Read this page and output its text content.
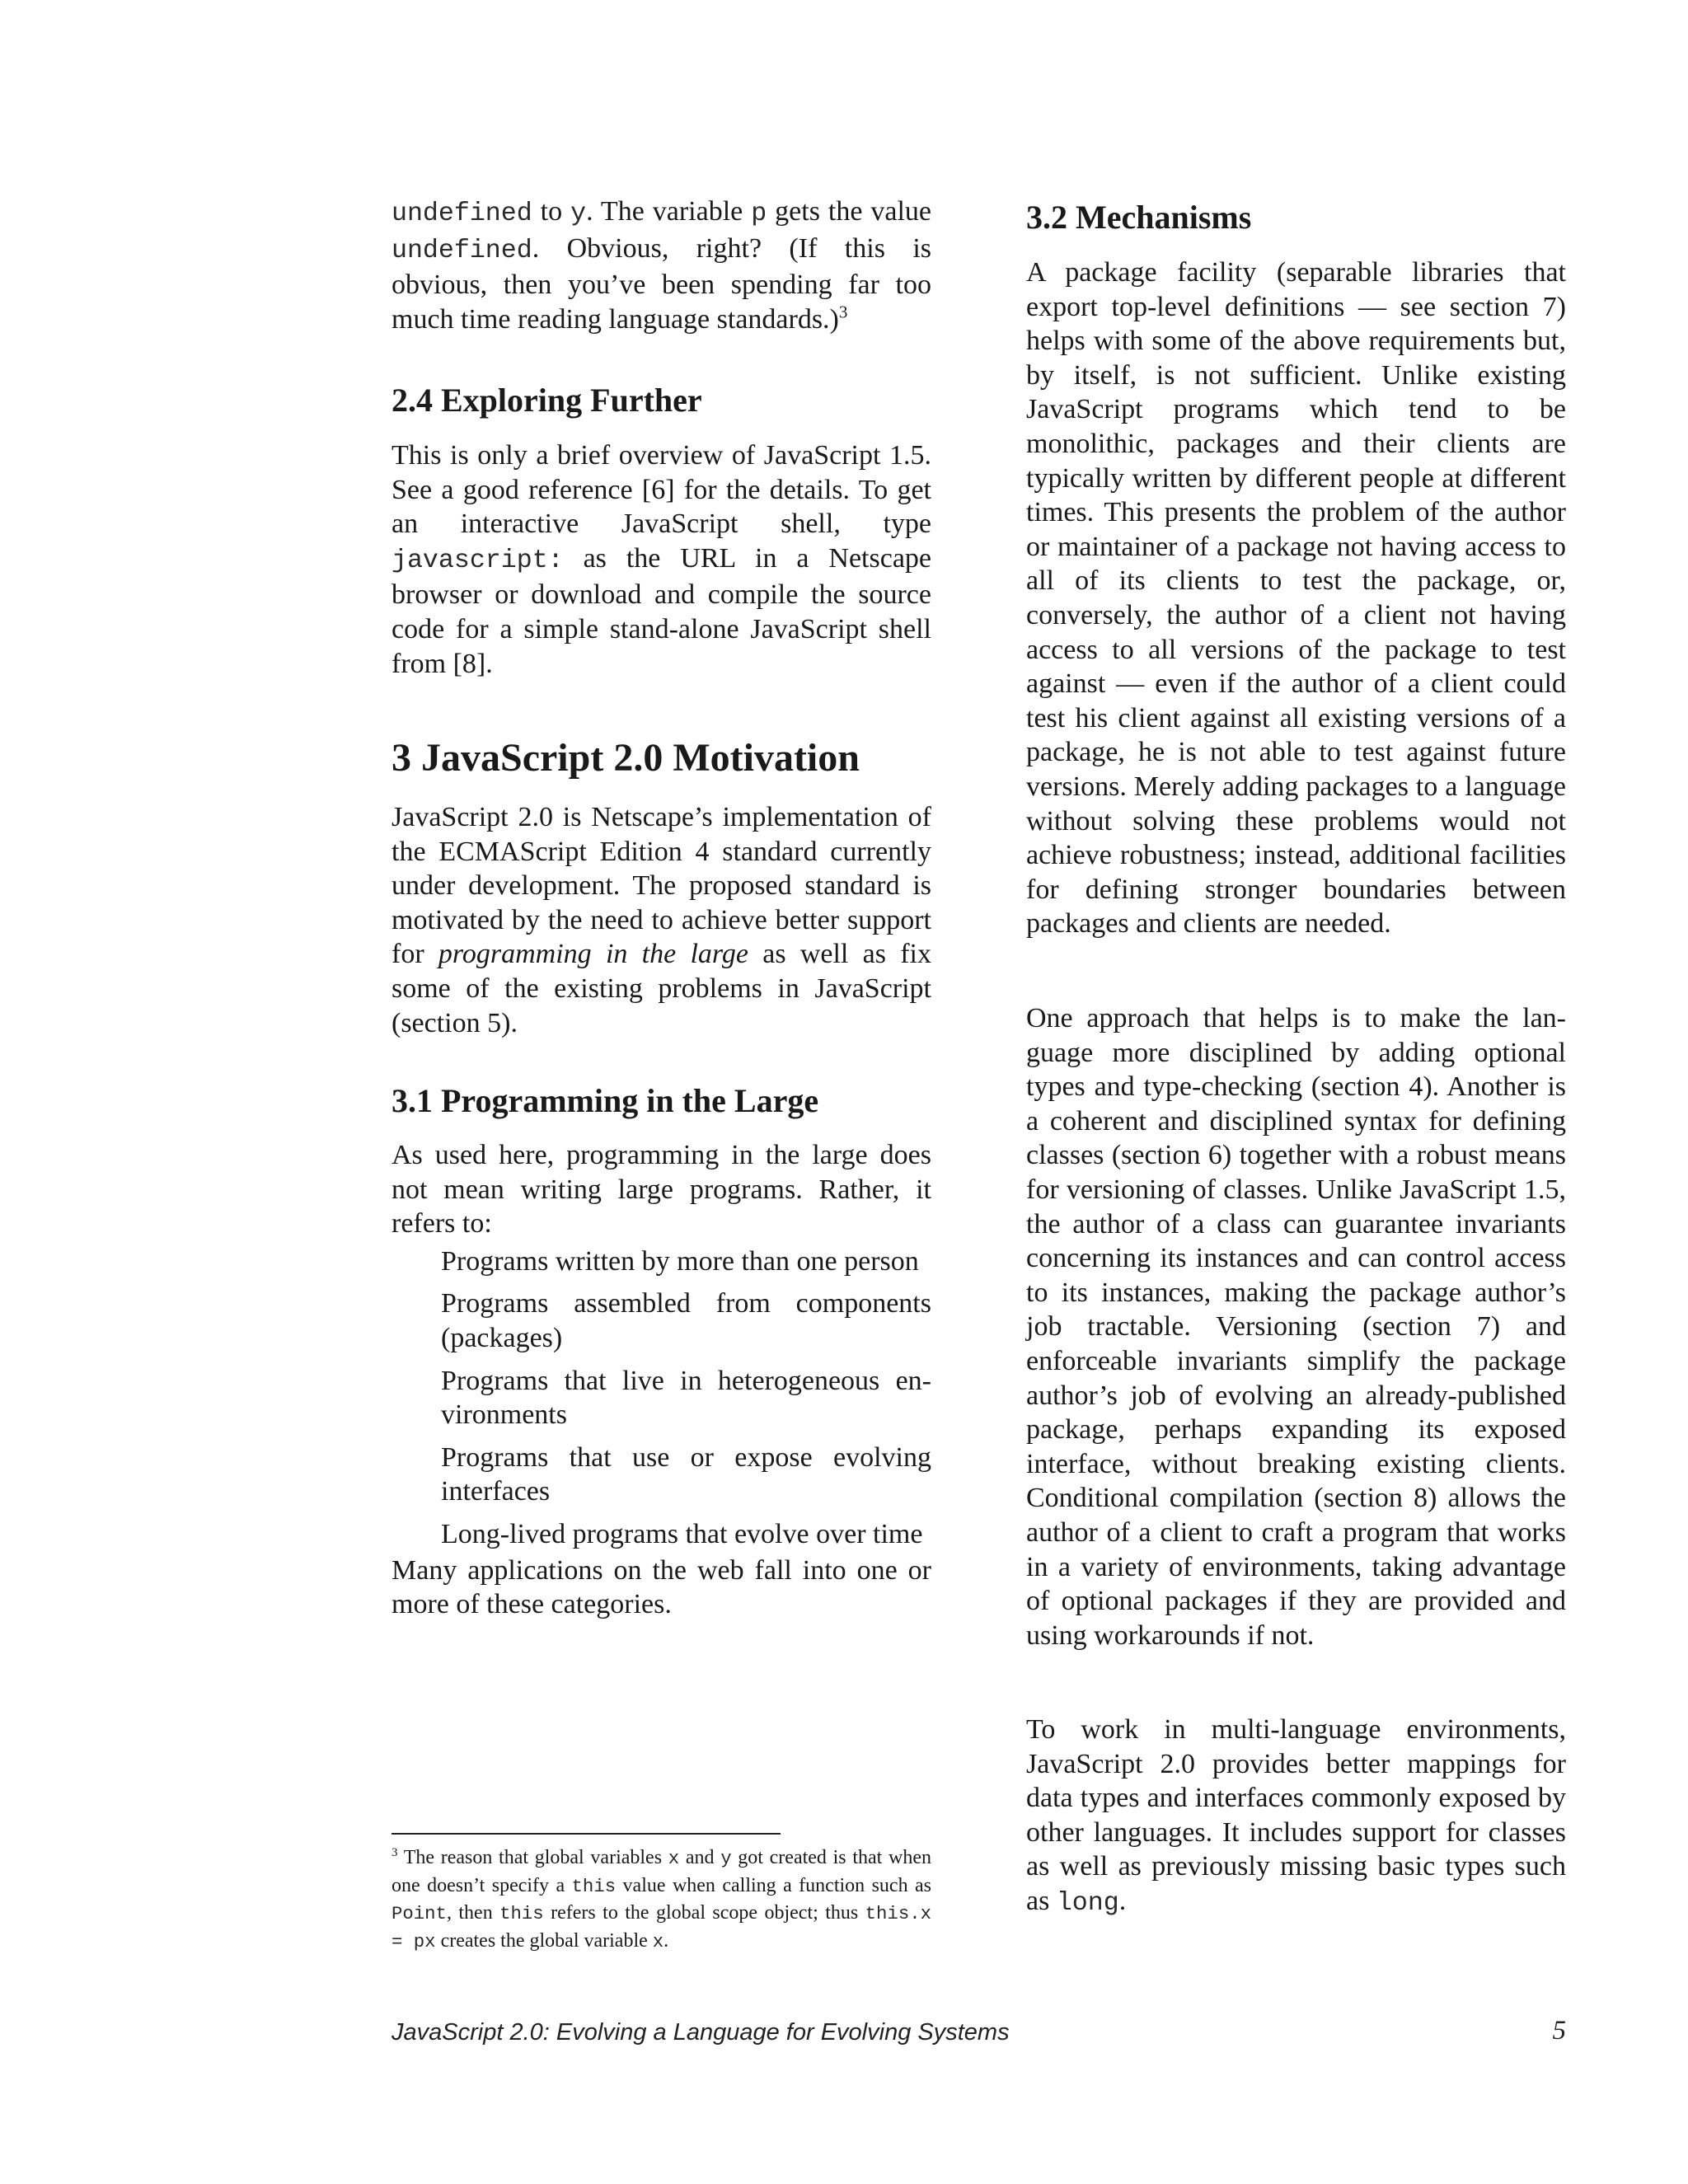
undefined to y. The variable p gets the value undefined. Obvious, right? (If this is obvious, then you’ve been spending far too much time reading language standards.)$^3$

2.4 Exploring Further

This is only a brief overview of JavaScript 1.5. See a good reference [6] for the details. To get an interactive JavaScript shell, type javascript: as the URL in a Netscape browser or download and compile the source code for a simple stand-alone JavaScript shell from [8].

3 JavaScript 2.0 Motivation

JavaScript 2.0 is Netscape’s implementation of the ECMAScript Edition 4 standard currently under development. The proposed standard is motivated by the need to achieve better support for programming in the large as well as fix some of the existing problems in JavaScript (section 5).

3.1 Programming in the Large

As used here, programming in the large does not mean writing large programs. Rather, it refers to:

Programs written by more than one person
Programs assembled from components (packages)
Programs that live in heterogeneous environments
Programs that use or expose evolving interfaces
Long-lived programs that evolve over time

Many applications on the web fall into one or more of these categories.

$^3$ The reason that global variables x and y got created is that when one doesn’t specify a this value when calling a function such as Point, then this refers to the global scope object; thus this.x = px creates the global variable x.

3.2 Mechanisms

A package facility (separable libraries that export top-level definitions — see section 7) helps with some of the above requirements but, by itself, is not sufficient. Unlike existing JavaScript programs which tend to be monolithic, packages and their clients are typically written by different people at different times. This presents the problem of the author or maintainer of a package not having access to all of its clients to test the package, or, conversely, the author of a client not having access to all versions of the package to test against — even if the author of a client could test his client against all existing versions of a package, he is not able to test against future versions. Merely adding packages to a language without solving these problems would not achieve robustness; instead, additional facilities for defining stronger boundaries between packages and clients are needed.

One approach that helps is to make the language more disciplined by adding optional types and type-checking (section 4). Another is a coherent and disciplined syntax for defining classes (section 6) together with a robust means for versioning of classes. Unlike JavaScript 1.5, the author of a class can guarantee invariants concerning its instances and can control access to its instances, making the package author’s job tractable. Versioning (section 7) and enforceable invariants simplify the package author’s job of evolving an already-published package, perhaps expanding its exposed interface, without breaking existing clients. Conditional compilation (section 8) allows the author of a client to craft a program that works in a variety of environments, taking advantage of optional packages if they are provided and using workarounds if not.

To work in multi-language environments, JavaScript 2.0 provides better mappings for data types and interfaces commonly exposed by other languages. It includes support for classes as well as previously missing basic types such as long.

JavaScript 2.0: Evolving a Language for Evolving Systems	5
